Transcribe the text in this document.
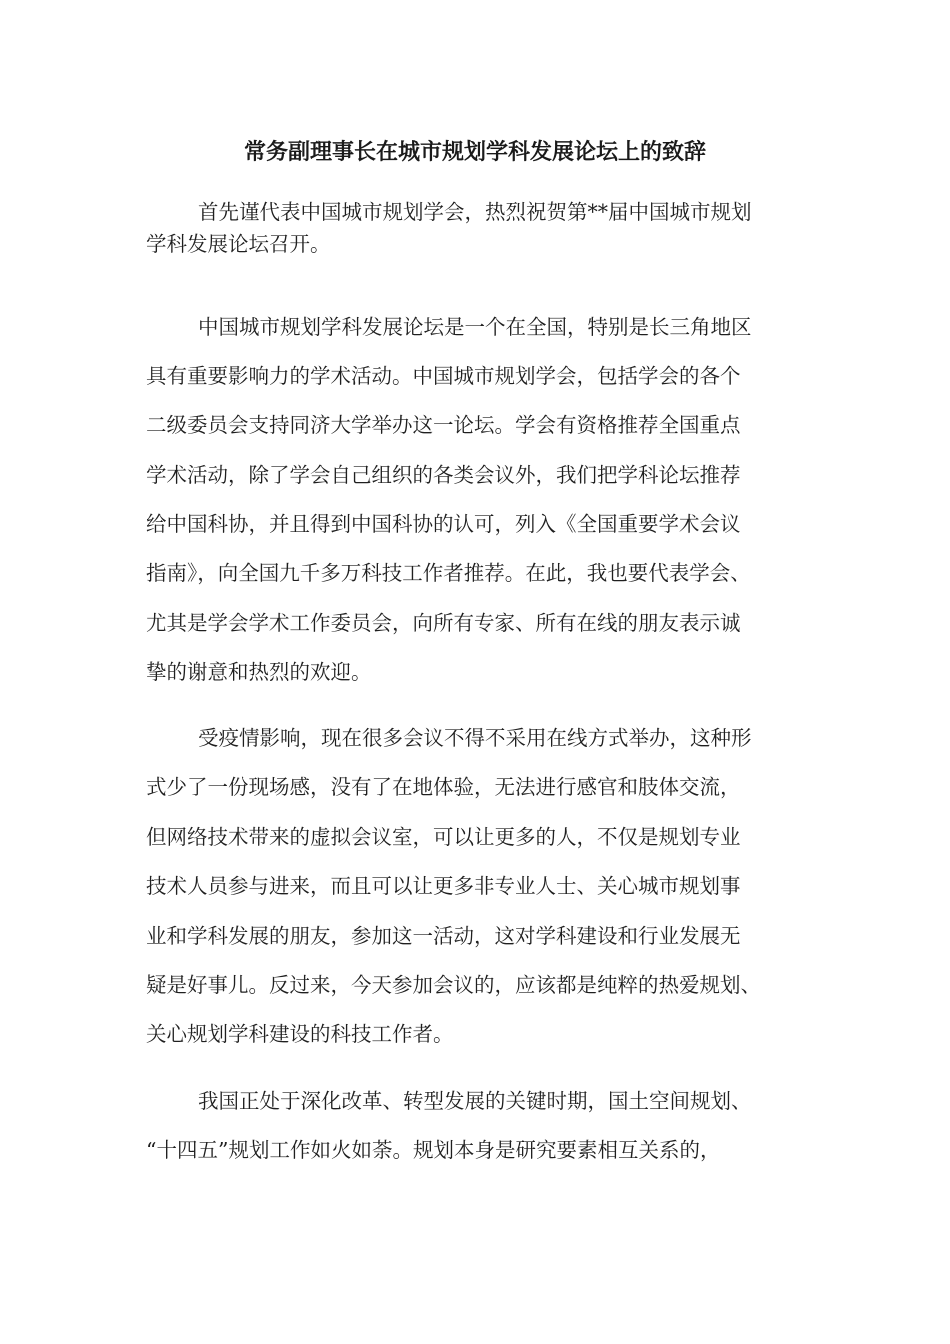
常务副理事长在城市规划学科发展论坛上的致辞
首先谨代表中国城市规划学会，热烈祝贺第**届中国城市规划
学科发展论坛召开。
中国城市规划学科发展论坛是一个在全国，特别是长三角地区
具有重要影响力的学术活动。中国城市规划学会，包括学会的各个
二级委员会支持同济大学举办这一论坛。学会有资格推荐全国重点
学术活动，除了学会自己组织的各类会议外，我们把学科论坛推荐
给中国科协，并且得到中国科协的认可，列入《全国重要学术会议
指南》，向全国九千多万科技工作者推荐。在此，我也要代表学会、
尤其是学会学术工作委员会，向所有专家、所有在线的朋友表示诚
挚的谢意和热烈的欢迎。
受疫情影响，现在很多会议不得不采用在线方式举办，这种形
式少了一份现场感，没有了在地体验，无法进行感官和肢体交流，
但网络技术带来的虚拟会议室，可以让更多的人，不仅是规划专业
技术人员参与进来，而且可以让更多非专业人士、关心城市规划事
业和学科发展的朋友，参加这一活动，这对学科建设和行业发展无
疑是好事儿。反过来，今天参加会议的，应该都是纯粹的热爱规划、
关心规划学科建设的科技工作者。
我国正处于深化改革、转型发展的关键时期，国土空间规划、
“十四五”规划工作如火如荼。规划本身是研究要素相互关系的，
